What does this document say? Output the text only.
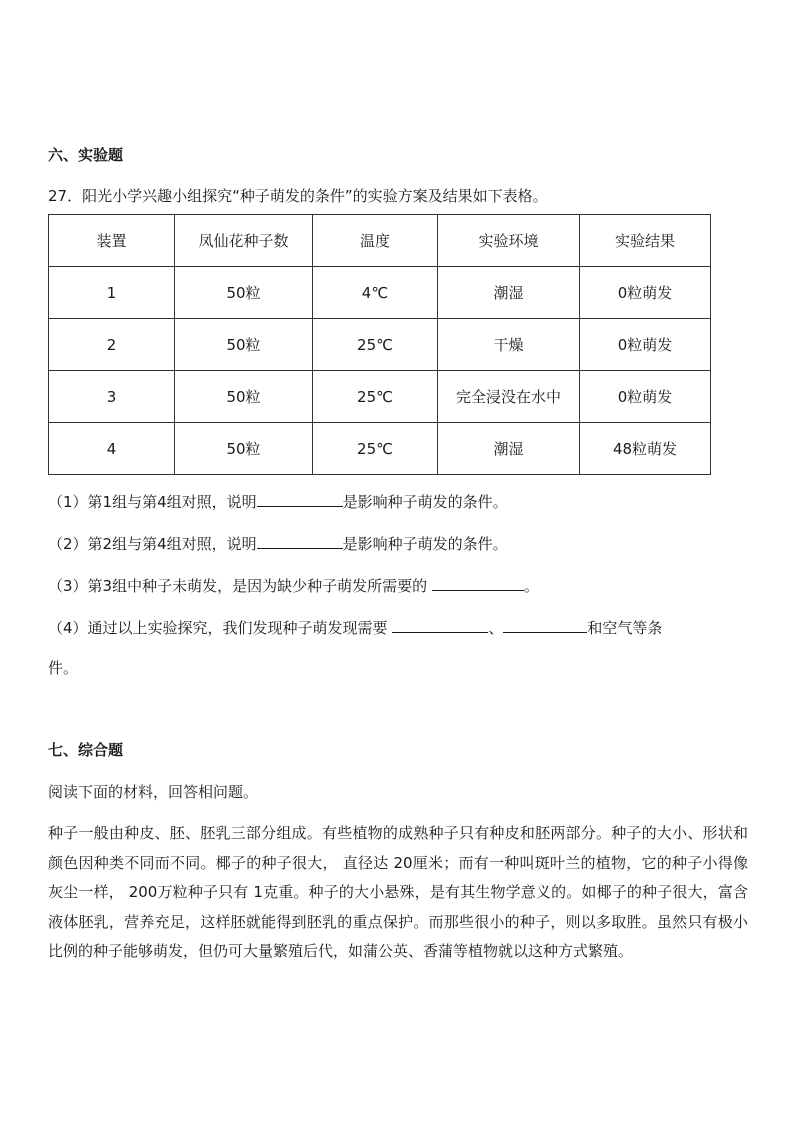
六、实验题
27．阳光小学兴趣小组探究“种子萌发的条件”的实验方案及结果如下表格。
装置	凤仙花种子数	温度	实验环境	实验结果
1	50粒	4℃	潮湿	0粒萌发
2	50粒	25℃	干燥	0粒萌发
3	50粒	25℃	完全浸没在水中	0粒萌发
4	50粒	25℃	潮湿	48粒萌发
（1）第1组与第4组对照，说明	是影响种子萌发的条件。
（2）第2组与第4组对照，说明	是影响种子萌发的条件。
（3）第3组中种子未萌发，是因为缺少种子萌发所需要的	。
（4）通过以上实验探究，我们发现种子萌发现需要	、	和空气等条
件。
七、综合题
阅读下面的材料，回答相问题。
种子一般由种皮、胚、胚乳三部分组成。有些植物的成熟种子只有种皮和胚两部分。种子的大小、形状和颜色因种类不同而不同。椰子的种子很大， 直径达 20厘米；而有一种叫斑叶兰的植物，它的种子小得像灰尘一样， 200万粒种子只有 1克重。种子的大小悬殊，是有其生物学意义的。如椰子的种子很大，富含液体胚乳，营养充足，这样胚就能得到胚乳的重点保护。而那些很小的种子，则以多取胜。虽然只有极小比例的种子能够萌发，但仍可大量繁殖后代，如蒲公英、香蒲等植物就以这种方式繁殖。
